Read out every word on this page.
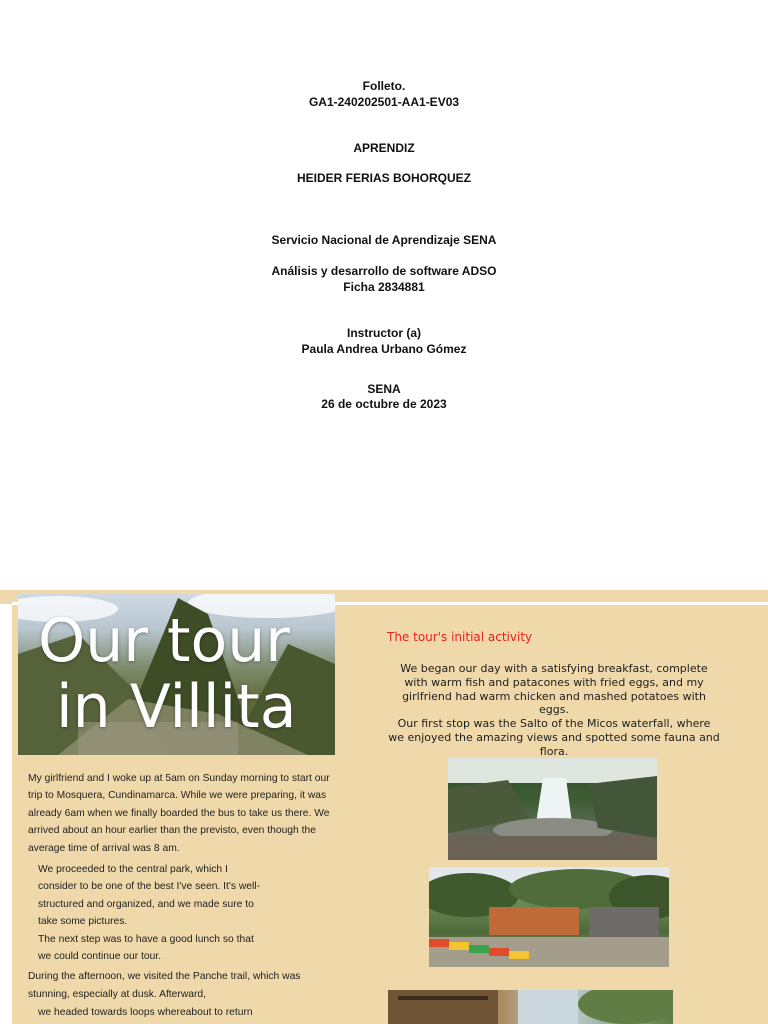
Folleto.
GA1-240202501-AA1-EV03
APRENDIZ
HEIDER FERIAS BOHORQUEZ
Servicio Nacional de Aprendizaje SENA
Análisis y desarrollo de software ADSO
Ficha 2834881
Instructor (a)
Paula Andrea Urbano Gómez
SENA
26 de octubre de 2023
Our tour
in Villita
My girlfriend and I woke up at 5am on Sunday morning to start our
trip to Mosquera, Cundinamarca. While we were preparing, it was
already 6am when we finally boarded the bus to take us there. We
arrived about an hour earlier than the previsto, even though the
average time of arrival was 8 am.
We proceeded to the central park, which I
consider to be one of the best I've seen. It's well-
structured and organized, and we made sure to
take some pictures.
The next step was to have a good lunch so that
we could continue our tour.
During the afternoon, we visited the Panche trail, which was
stunning, especially at dusk. Afterward,
we headed towards loops whereabout to return
The tour's initial activity
We began our day with a satisfying breakfast, complete with warm fish and patacones with fried eggs, and my girlfriend had warm chicken and mashed potatoes with eggs.
Our first stop was the Salto of the Micos waterfall, where we enjoyed the amazing views and spotted some fauna and flora.
